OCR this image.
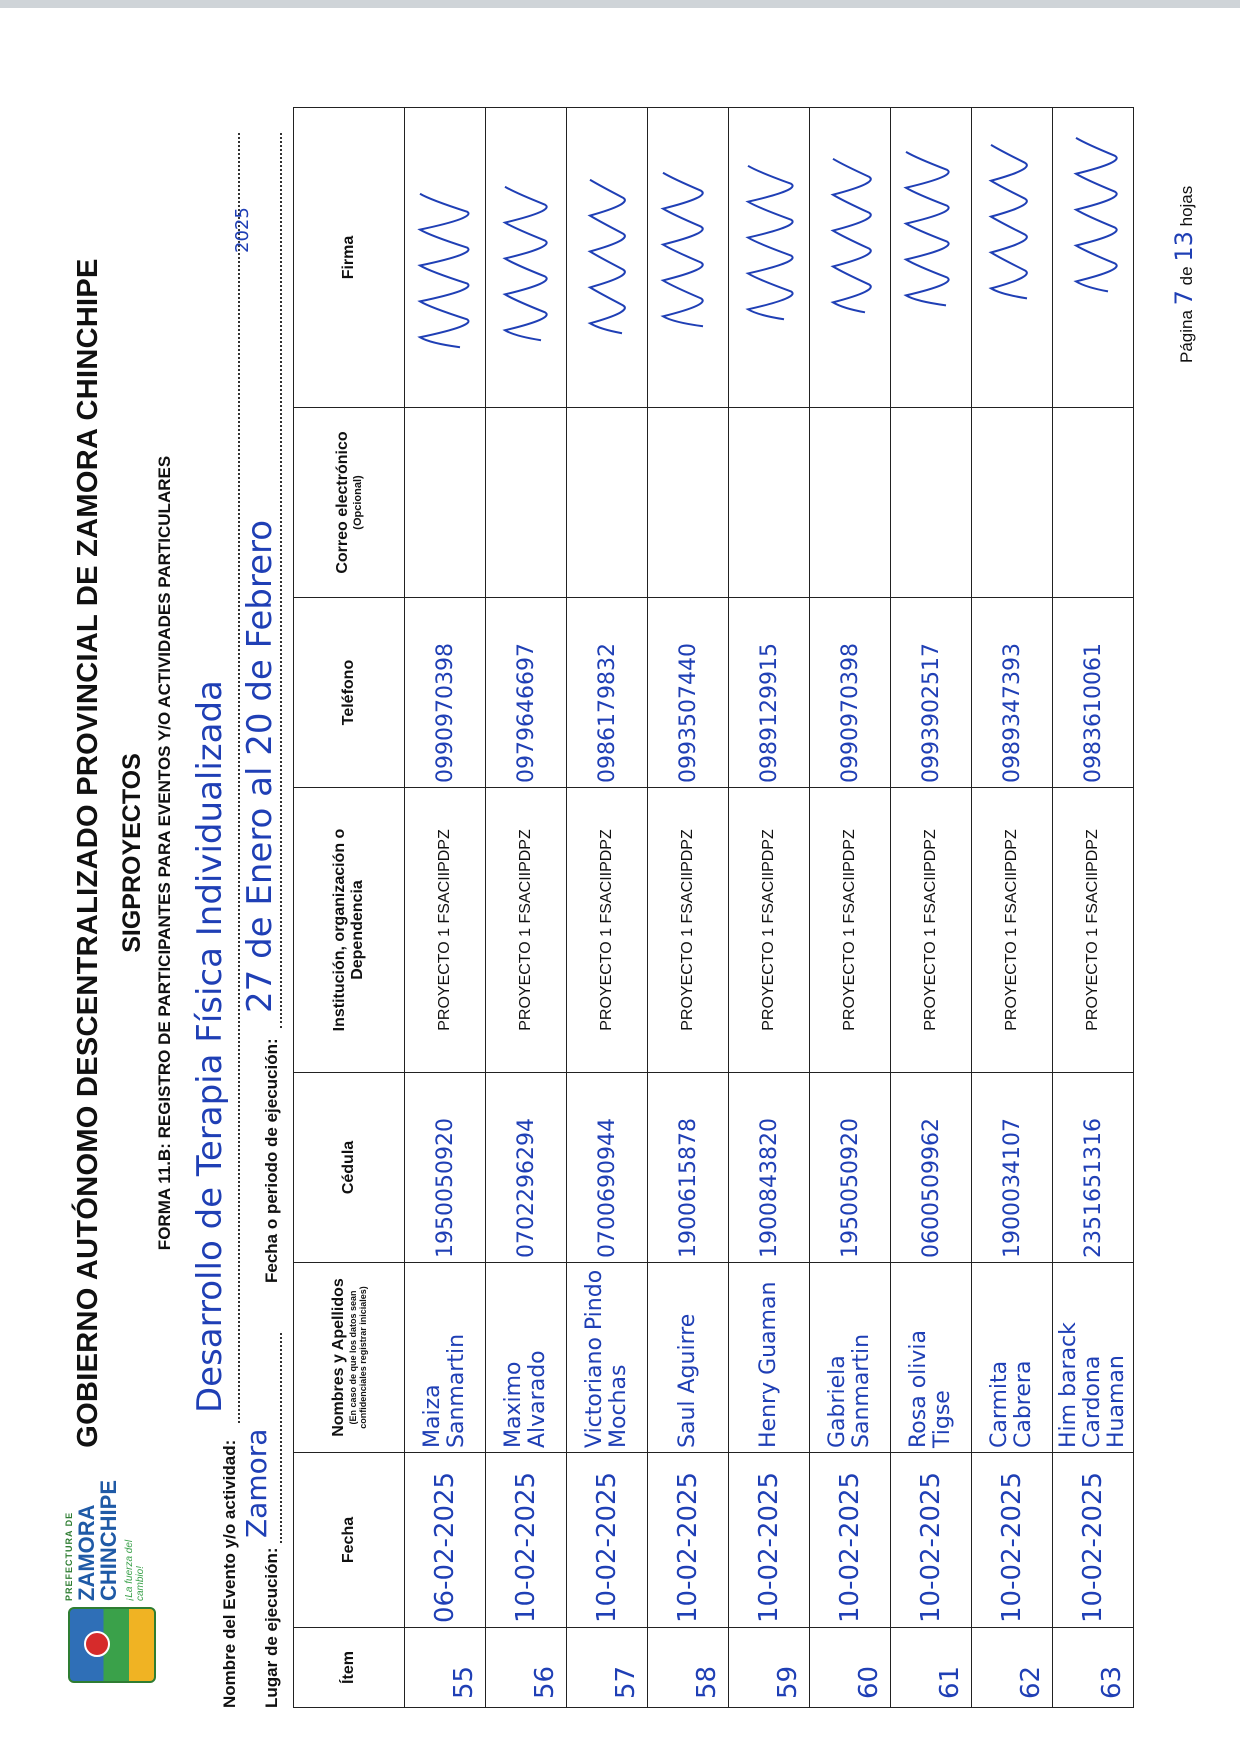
PREFECTURA DE ZAMORA
CHINCHIPE ¡La fuerza del cambio!
GOBIERNO AUTÓNOMO DESCENTRALIZADO PROVINCIAL DE ZAMORA CHINCHIPE SIGPROYECTOS FORMA 11.B: REGISTRO DE PARTICIPANTES PARA EVENTOS Y/O ACTIVIDADES PARTICULARES
Nombre del Evento y/o actividad:
Desarrollo de Terapia Física Individualizada
Lugar de ejecución:
Zamora
Fecha o periodo de ejecución:
27 de Enero al 20 de Febrero
2025
Ítem	Fecha	Nombres y Apellidos (En caso de que los datos sean confidenciales registrar iniciales)	Cédula	Institución, organización o Dependencia	Teléfono	Correo electrónico (Opcional)	Firma

55	06-02-2025	Maiza Sanmartin	1950050920	PROYECTO 1 FSACIIPDPZ	0990970398		

56	10-02-2025	Maximo Alvarado	0702296294	PROYECTO 1 FSACIIPDPZ	0979646697		

57	10-02-2025	Victoriano Pindo Mochas	0700690944	PROYECTO 1 FSACIIPDPZ	0986179832		

58	10-02-2025	Saul Aguirre	1900615878	PROYECTO 1 FSACIIPDPZ	0993507440		

59	10-02-2025	Henry Guaman	1900843820	PROYECTO 1 FSACIIPDPZ	0989129915		

60	10-02-2025	Gabriela Sanmartin	1950050920	PROYECTO 1 FSACIIPDPZ	0990970398		

61	10-02-2025	Rosa olivia Tigse	0600509962	PROYECTO 1 FSACIIPDPZ	0993902517		

62	10-02-2025	Carmita Cabrera	1900034107	PROYECTO 1 FSACIIPDPZ	0989347393		

63	10-02-2025	Him barack Cardona Huaman	2351651316	PROYECTO 1 FSACIIPDPZ	0983610061		
Página 7 de 13 hojas
